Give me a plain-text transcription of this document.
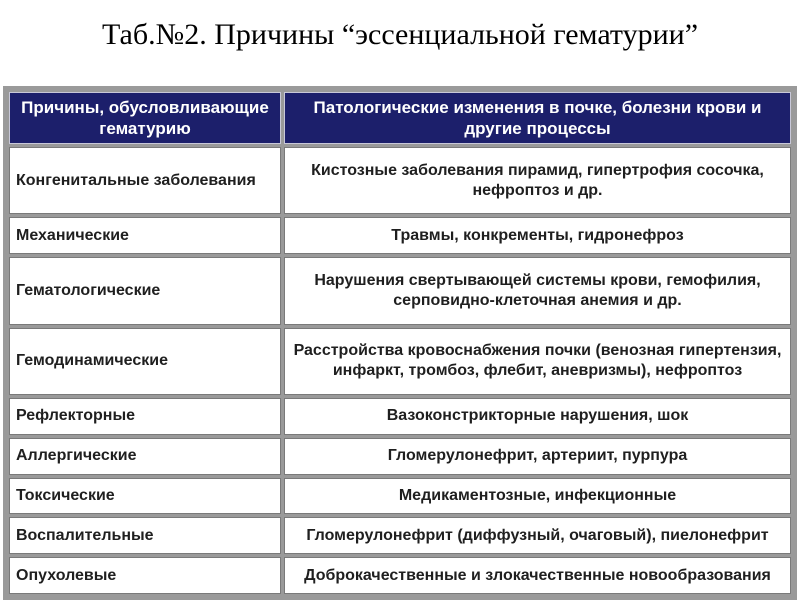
Таб.№2. Причины “эссенциальной гематурии”
Причины, обусловливающие гематурию	Патологические изменения в почке, болезни крови и другие процессы
Конгенитальные заболевания	Кистозные заболевания пирамид, гипертрофия сосочка, нефроптоз и др.
Механические	Травмы, конкременты, гидронефроз
Гематологические	Нарушения свертывающей системы крови, гемофилия, серповидно-клеточная анемия и др.
Гемодинамические	Расстройства кровоснабжения почки (венозная гипертензия, инфаркт, тромбоз, флебит, аневризмы), нефроптоз
Рефлекторные	Вазоконстрикторные нарушения, шок
Аллергические	Гломерулонефрит, артериит, пурпура
Токсические	Медикаментозные, инфекционные
Воспалительные	Гломерулонефрит (диффузный, очаговый), пиелонефрит
Опухолевые	Доброкачественные и злокачественные новообразования
